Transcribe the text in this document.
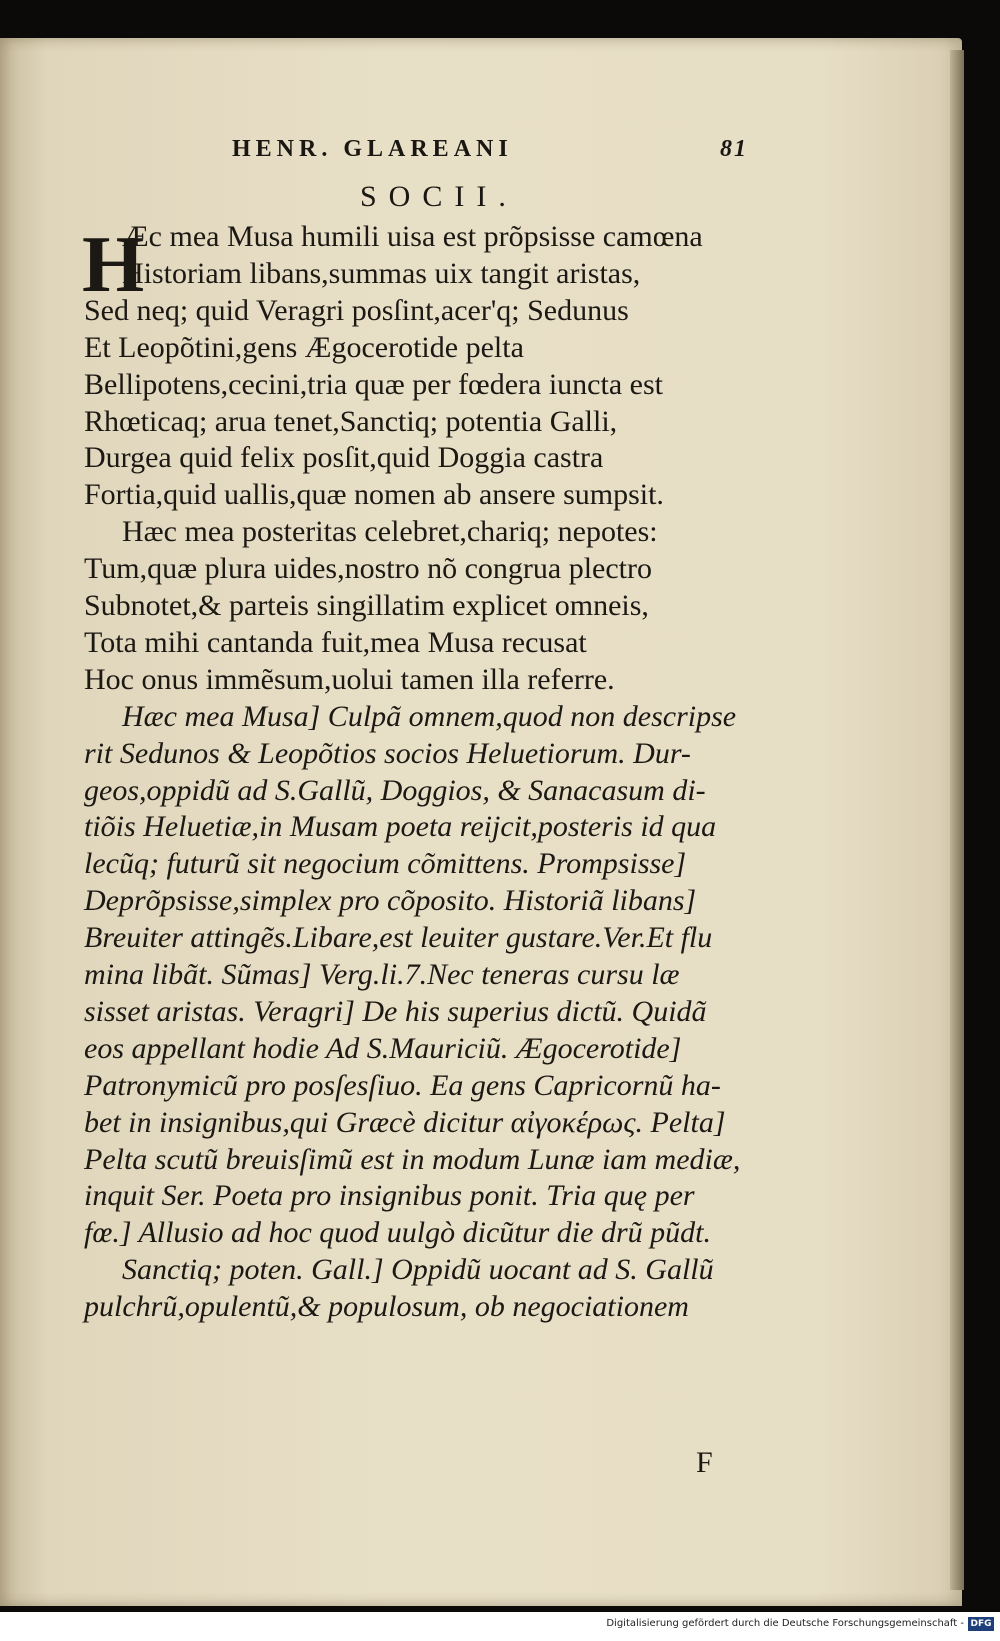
HENR. GLAREANI	81
SOCII.
H
Æc mea Musa humili uisa est prõpsisse camœna
Historiam libans,summas uix tangit aristas,
Sed neq; quid Veragri posſint,acer'q; Sedunus
Et Leopõtini,gens Ægocerotide pelta
Bellipotens,cecini,tria quæ per fœdera iuncta est
Rhœticaq; arua tenet,Sanctiq; potentia Galli,
Durgea quid felix posſit,quid Doggia castra
Fortia,quid uallis,quæ nomen ab ansere sumpsit.
Hæc mea posteritas celebret,chariq; nepotes:
Tum,quæ plura uides,nostro nõ congrua plectro
Subnotet,& parteis singillatim explicet omneis,
Tota mihi cantanda fuit,mea Musa recusat
Hoc onus immẽsum,uolui tamen illa referre.
Hæc mea Musa] Culpã omnem,quod non descripse
rit Sedunos & Leopõtios socios Heluetiorum. Dur-
geos,oppidũ ad S.Gallũ, Doggios, & Sanacasum di-
tiõis Heluetiæ,in Musam poeta reijcit,posteris id qua
lecũq; futurũ sit negocium cõmittens. Prompsisse]
Deprõpsisse,simplex pro cõposito. Historiã libans]
Breuiter attingẽs.Libare,est leuiter gustare.Ver.Et flu
mina libãt. Sũmas] Verg.li.7.Nec teneras cursu læ
sisset aristas. Veragri] De his superius dictũ. Quidã
eos appellant hodie Ad S.Mauriciũ. Ægocerotide]
Patronymicũ pro posſesſiuo. Ea gens Capricornũ ha-
bet in insignibus,qui Græcè dicitur αἰγοκέρως. Pelta]
Pelta scutũ breuisſimũ est in modum Lunæ iam mediæ,
inquit Ser. Poeta pro insignibus ponit. Tria quę per
fœ.] Allusio ad hoc quod uulgò dicũtur die drũ pũdt.
Sanctiq; poten. Gall.] Oppidũ uocant ad S. Gallũ
pulchrũ,opulentũ,& populosum, ob negociationem
F
Digitalisierung gefördert durch die Deutsche Forschungsgemeinschaft - DFG
